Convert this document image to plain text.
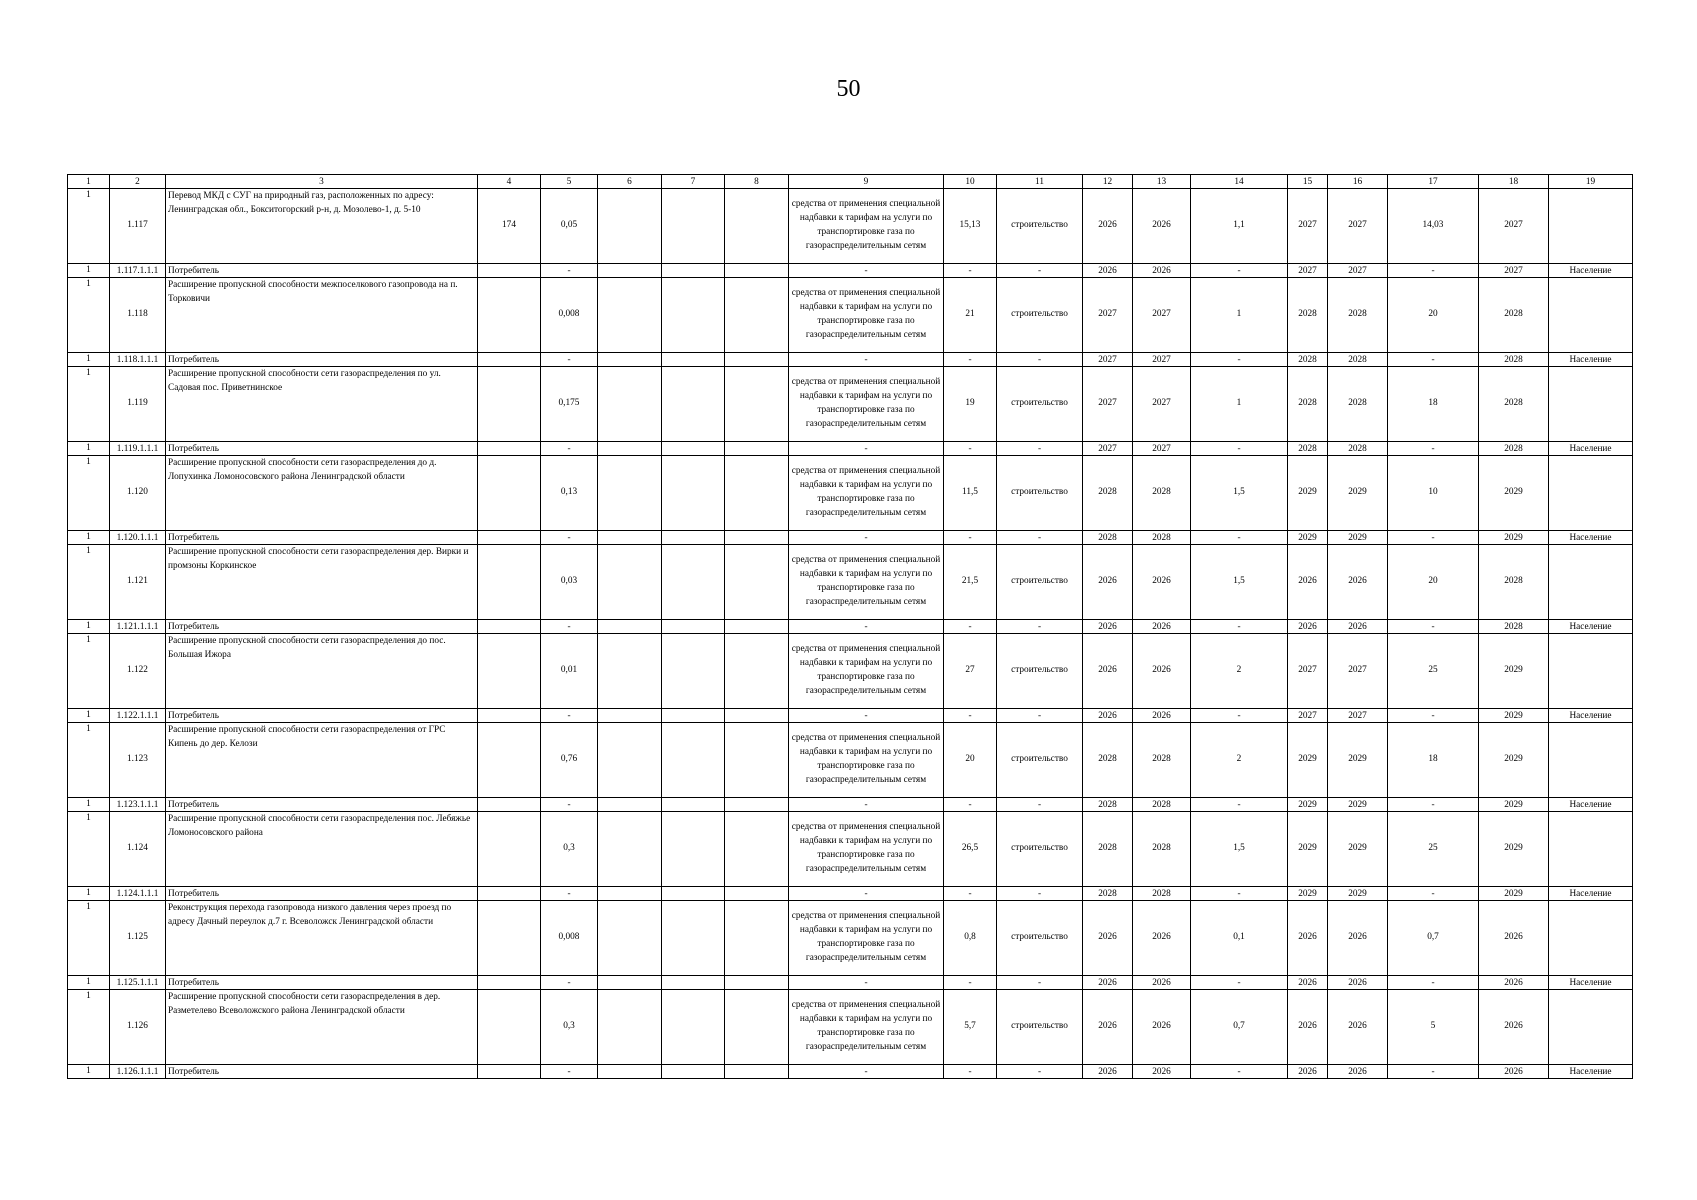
50
1	2	3	4	5	6	7	8	9	10	11	12	13	14	15	16	17	18	19
1	1.117	Перевод МКД с СУГ на природный газ, расположенных по адресу: Ленинградская обл., Бокситогорский р-н, д. Мозолево-1, д. 5-10	174	0,05				средства от применения специальной надбавки к тарифам на услуги по транспортировке газа по газораспределительным сетям	15,13	строительство	2026	2026	1,1	2027	2027	14,03	2027	
1	1.117.1.1.1	Потребитель		-				-	-	-	2026	2026	-	2027	2027	-	2027	Население
1	1.118	Расширение пропускной способности межпоселкового газопровода на п. Торковичи		0,008				средства от применения специальной надбавки к тарифам на услуги по транспортировке газа по газораспределительным сетям	21	строительство	2027	2027	1	2028	2028	20	2028	
1	1.118.1.1.1	Потребитель		-				-	-	-	2027	2027	-	2028	2028	-	2028	Население
1	1.119	Расширение пропускной способности сети газораспределения по ул. Садовая пос. Приветнинское		0,175				средства от применения специальной надбавки к тарифам на услуги по транспортировке газа по газораспределительным сетям	19	строительство	2027	2027	1	2028	2028	18	2028	
1	1.119.1.1.1	Потребитель		-				-	-	-	2027	2027	-	2028	2028	-	2028	Население
1	1.120	Расширение пропускной способности сети газораспределения до д. Лопухинка Ломоносовского района Ленинградской области		0,13				средства от применения специальной надбавки к тарифам на услуги по транспортировке газа по газораспределительным сетям	11,5	строительство	2028	2028	1,5	2029	2029	10	2029	
1	1.120.1.1.1	Потребитель		-				-	-	-	2028	2028	-	2029	2029	-	2029	Население
1	1.121	Расширение пропускной способности сети газораспределения дер. Вирки и промзоны Коркинское		0,03				средства от применения специальной надбавки к тарифам на услуги по транспортировке газа по газораспределительным сетям	21,5	строительство	2026	2026	1,5	2026	2026	20	2028	
1	1.121.1.1.1	Потребитель		-				-	-	-	2026	2026	-	2026	2026	-	2028	Население
1	1.122	Расширение пропускной способности сети газораспределения до пос. Большая Ижора		0,01				средства от применения специальной надбавки к тарифам на услуги по транспортировке газа по газораспределительным сетям	27	строительство	2026	2026	2	2027	2027	25	2029	
1	1.122.1.1.1	Потребитель		-				-	-	-	2026	2026	-	2027	2027	-	2029	Население
1	1.123	Расширение пропускной способности сети газораспределения от ГРС Кипень до дер. Келози		0,76				средства от применения специальной надбавки к тарифам на услуги по транспортировке газа по газораспределительным сетям	20	строительство	2028	2028	2	2029	2029	18	2029	
1	1.123.1.1.1	Потребитель		-				-	-	-	2028	2028	-	2029	2029	-	2029	Население
1	1.124	Расширение пропускной способности сети газораспределения пос. Лебяжье Ломоносовского района		0,3				средства от применения специальной надбавки к тарифам на услуги по транспортировке газа по газораспределительным сетям	26,5	строительство	2028	2028	1,5	2029	2029	25	2029	
1	1.124.1.1.1	Потребитель		-				-	-	-	2028	2028	-	2029	2029	-	2029	Население
1	1.125	Реконструкция перехода газопровода низкого давления через проезд по адресу Дачный переулок д.7 г. Всеволожск Ленинградской области		0,008				средства от применения специальной надбавки к тарифам на услуги по транспортировке газа по газораспределительным сетям	0,8	строительство	2026	2026	0,1	2026	2026	0,7	2026	
1	1.125.1.1.1	Потребитель		-				-	-	-	2026	2026	-	2026	2026	-	2026	Население
1	1.126	Расширение пропускной способности сети газораспределения в дер. Разметелево Всеволожского района Ленинградской области		0,3				средства от применения специальной надбавки к тарифам на услуги по транспортировке газа по газораспределительным сетям	5,7	строительство	2026	2026	0,7	2026	2026	5	2026	
1	1.126.1.1.1	Потребитель		-				-	-	-	2026	2026	-	2026	2026	-	2026	Население
